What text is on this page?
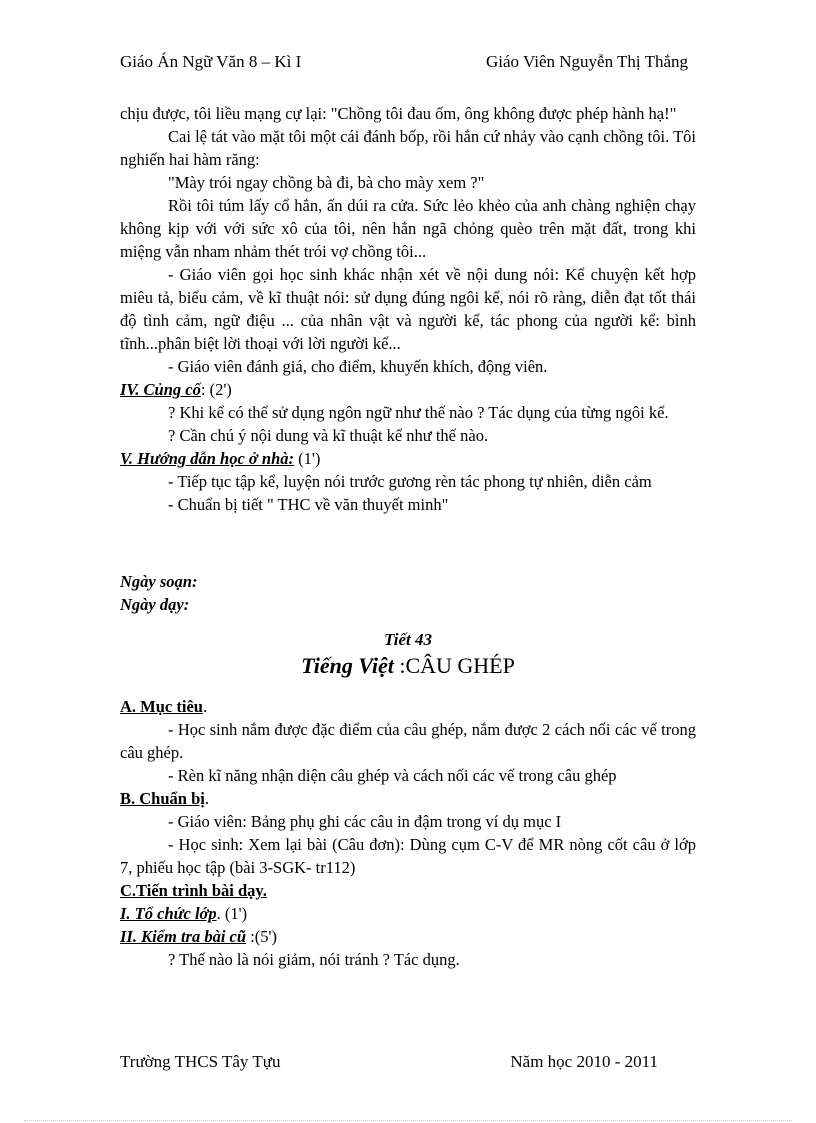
Giáo Án Ngữ Văn 8 – Kì I	Giáo Viên Nguyễn Thị Thắng

chịu được, tôi liều mạng cự lại: "Chồng tôi đau ốm, ông không được phép hành hạ!"

Cai lệ tát vào mặt tôi một cái đánh bốp, rồi hắn cứ nhảy vào cạnh chồng tôi. Tôi nghiến hai hàm răng:

"Mày trói ngay chồng bà đi, bà cho mày xem ?"

Rồi tôi túm lấy cổ hắn, ấn dúi ra cửa. Sức lẻo khẻo của anh chàng nghiện chạy không kịp với với sức xô của tôi, nên hắn ngã chỏng quèo trên mặt đất, trong khi miệng vẫn nham nhảm thét trói vợ chồng tôi...

- Giáo viên gọi học sinh khác nhận xét về nội dung nói: Kể chuyện kết hợp miêu tả, biểu cảm, về kĩ thuật nói: sử dụng đúng ngôi kể, nói rõ ràng, diễn đạt tốt thái độ tình cảm, ngữ điệu ... của nhân vật và người kể, tác phong của người kể: bình tĩnh...phân biệt lời thoại với lời người kể...

- Giáo viên đánh giá, cho điểm, khuyến khích, động viên.

IV. Củng cố: (2')

? Khi kể có thể sử dụng ngôn ngữ như thế nào ? Tác dụng của từng ngôi kể.

? Cần chú ý nội dung và kĩ thuật kể như thế nào.

V. Hướng dẫn học ở nhà: (1')

- Tiếp tục tập kể, luyện nói trước gương rèn tác phong tự nhiên, diễn cảm

- Chuẩn bị tiết " THC về văn thuyết minh"

Ngày soạn:

Ngày dạy:

Tiết 43

Tiếng Việt :CÂU GHÉP

A. Mục tiêu.

- Học sinh nắm được đặc điểm của câu ghép, nắm được 2 cách nối các vế trong câu ghép.

- Rèn kĩ năng nhận diện câu ghép và cách nối các vế trong câu ghép

B. Chuẩn bị.

- Giáo viên: Bảng phụ ghi các câu in đậm trong ví dụ mục I

- Học sinh: Xem lại bài (Câu đơn): Dùng cụm C-V để MR nòng cốt câu ở lớp 7, phiếu học tập (bài 3-SGK- tr112)

C.Tiến trình bài dạy.

I. Tổ chức lớp. (1')

II. Kiểm tra bài cũ :(5')

? Thế nào là nói giảm, nói tránh ? Tác dụng.

Trường THCS Tây Tựu	Năm học 2010 - 2011
